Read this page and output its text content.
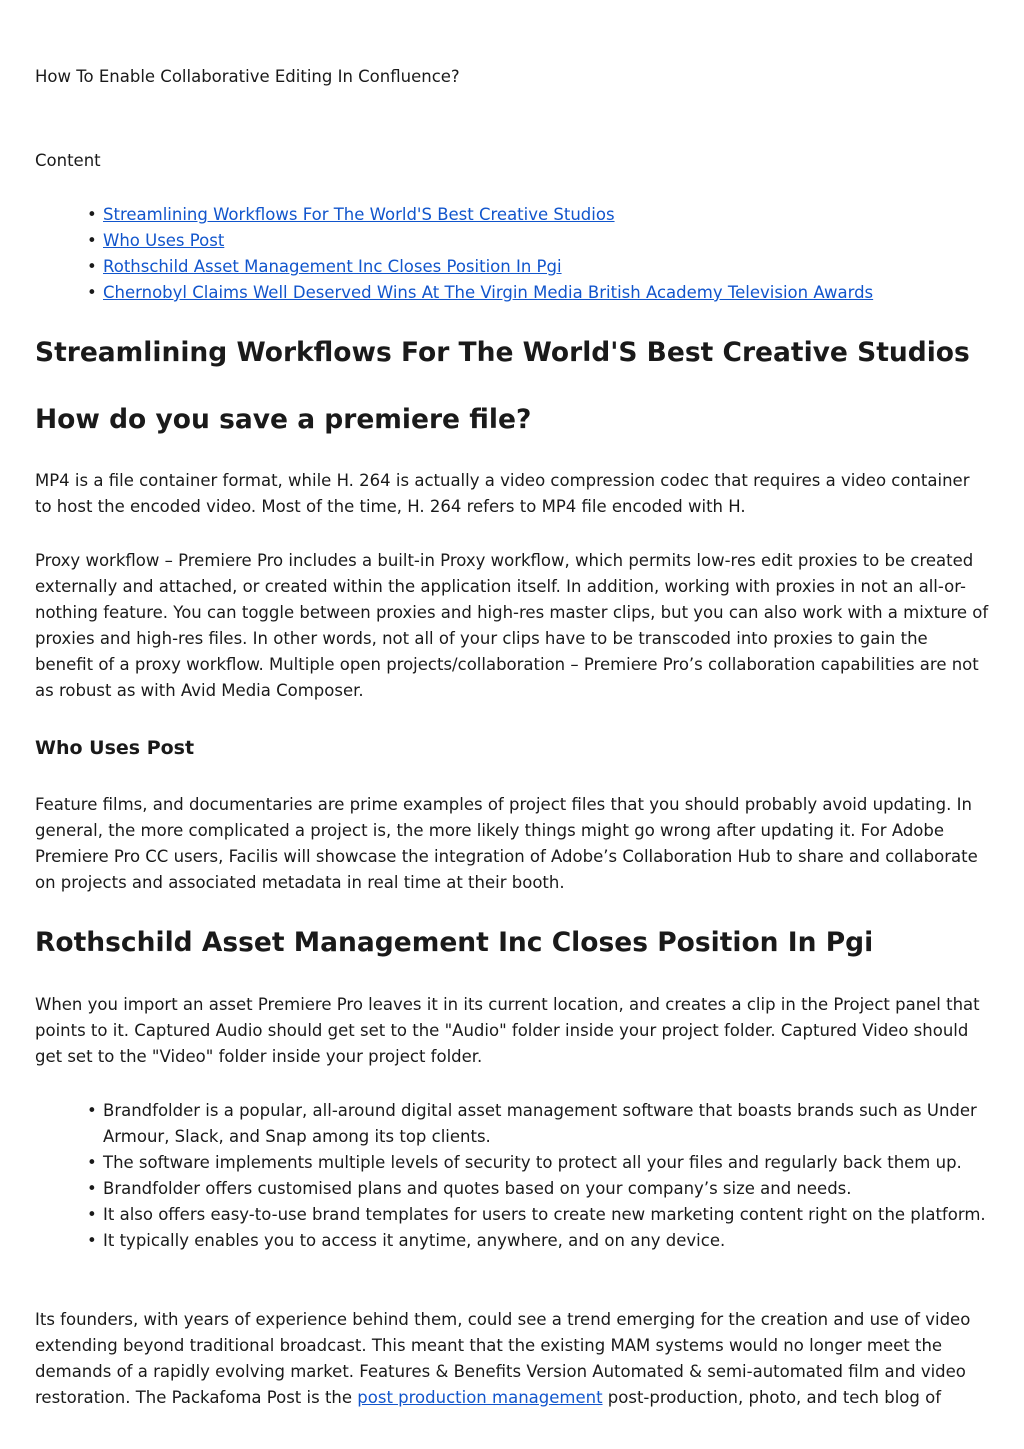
How To Enable Collaborative Editing In Confluence?

Content

• Streamlining Workflows For The World'S Best Creative Studios
• Who Uses Post
• Rothschild Asset Management Inc Closes Position In Pgi
• Chernobyl Claims Well Deserved Wins At The Virgin Media British Academy Television Awards
Streamlining Workflows For The World'S Best Creative Studios
How do you save a premiere file?

MP4 is a file container format, while H. 264 is actually a video compression codec that requires a video container to host the encoded video. Most of the time, H. 264 refers to MP4 file encoded with H.

Proxy workflow – Premiere Pro includes a built-in Proxy workflow, which permits low-res edit proxies to be created externally and attached, or created within the application itself. In addition, working with proxies in not an all-or-nothing feature. You can toggle between proxies and high-res master clips, but you can also work with a mixture of proxies and high-res files. In other words, not all of your clips have to be transcoded into proxies to gain the benefit of a proxy workflow. Multiple open projects/collaboration – Premiere Pro’s collaboration capabilities are not as robust as with Avid Media Composer.

Who Uses Post

Feature films, and documentaries are prime examples of project files that you should probably avoid updating. In general, the more complicated a project is, the more likely things might go wrong after updating it. For Adobe Premiere Pro CC users, Facilis will showcase the integration of Adobe’s Collaboration Hub to share and collaborate on projects and associated metadata in real time at their booth.

Rothschild Asset Management Inc Closes Position In Pgi

When you import an asset Premiere Pro leaves it in its current location, and creates a clip in the Project panel that points to it. Captured Audio should get set to the "Audio" folder inside your project folder. Captured Video should get set to the "Video" folder inside your project folder.

• Brandfolder is a popular, all-around digital asset management software that boasts brands such as Under Armour, Slack, and Snap among its top clients.
• The software implements multiple levels of security to protect all your files and regularly back them up.
• Brandfolder offers customised plans and quotes based on your company’s size and needs.
• It also offers easy-to-use brand templates for users to create new marketing content right on the platform.
• It typically enables you to access it anytime, anywhere, and on any device.

Its founders, with years of experience behind them, could see a trend emerging for the creation and use of video extending beyond traditional broadcast. This meant that the existing MAM systems would no longer meet the demands of a rapidly evolving market. Features & Benefits Version Automated & semi-automated film and video restoration. The Packafoma Post is the post production management post-production, photo, and tech blog of
